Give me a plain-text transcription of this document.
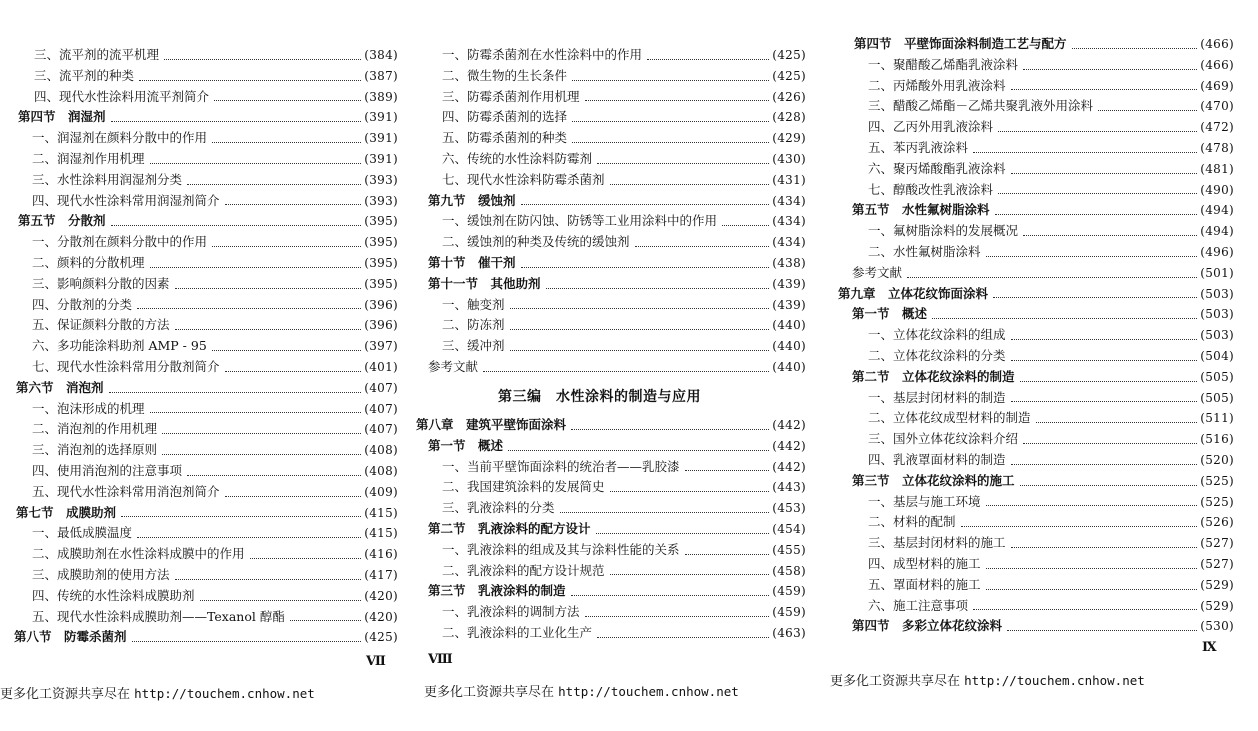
三、流平剂的流平机理	(384)
三、流平剂的种类	(387)
四、现代水性涂料用流平剂简介	(389)
第四节　润湿剂	(391)
一、润湿剂在颜料分散中的作用	(391)
二、润湿剂作用机理	(391)
三、水性涂料用润湿剂分类	(393)
四、现代水性涂料常用润湿剂简介	(393)
第五节　分散剂	(395)
一、分散剂在颜料分散中的作用	(395)
二、颜料的分散机理	(395)
三、影响颜料分散的因素	(395)
四、分散剂的分类	(396)
五、保证颜料分散的方法	(396)
六、多功能涂料助剂 AMP - 95	(397)
七、现代水性涂料常用分散剂简介	(401)
第六节　消泡剂	(407)
一、泡沫形成的机理	(407)
二、消泡剂的作用机理	(407)
三、消泡剂的选择原则	(408)
四、使用消泡剂的注意事项	(408)
五、现代水性涂料常用消泡剂简介	(409)
第七节　成膜助剂	(415)
一、最低成膜温度	(415)
二、成膜助剂在水性涂料成膜中的作用	(416)
三、成膜助剂的使用方法	(417)
四、传统的水性涂料成膜助剂	(420)
五、现代水性涂料成膜助剂——Texanol 醇酯	(420)
第八节　防霉杀菌剂	(425)
Ⅶ
更多化工资源共享尽在 http://touchem.cnhow.net
一、防霉杀菌剂在水性涂料中的作用	(425)
二、微生物的生长条件	(425)
三、防霉杀菌剂作用机理	(426)
四、防霉杀菌剂的选择	(428)
五、防霉杀菌剂的种类	(429)
六、传统的水性涂料防霉剂	(430)
七、现代水性涂料防霉杀菌剂	(431)
第九节　缓蚀剂	(434)
一、缓蚀剂在防闪蚀、防锈等工业用涂料中的作用	(434)
二、缓蚀剂的种类及传统的缓蚀剂	(434)
第十节　催干剂	(438)
第十一节　其他助剂	(439)
一、触变剂	(439)
二、防冻剂	(440)
三、缓冲剂	(440)
参考文献	(440)
第三编　水性涂料的制造与应用
第八章　建筑平壁饰面涂料	(442)
第一节　概述	(442)
一、当前平壁饰面涂料的统治者——乳胶漆	(442)
二、我国建筑涂料的发展简史	(443)
三、乳液涂料的分类	(453)
第二节　乳液涂料的配方设计	(454)
一、乳液涂料的组成及其与涂料性能的关系	(455)
二、乳液涂料的配方设计规范	(458)
第三节　乳液涂料的制造	(459)
一、乳液涂料的调制方法	(459)
二、乳液涂料的工业化生产	(463)
Ⅷ
更多化工资源共享尽在 http://touchem.cnhow.net
第四节　平壁饰面涂料制造工艺与配方	(466)
一、聚醋酸乙烯酯乳液涂料	(466)
二、丙烯酸外用乳液涂料	(469)
三、醋酸乙烯酯－乙烯共聚乳液外用涂料	(470)
四、乙丙外用乳液涂料	(472)
五、苯丙乳液涂料	(478)
六、聚丙烯酸酯乳液涂料	(481)
七、醇酸改性乳液涂料	(490)
第五节　水性氟树脂涂料	(494)
一、氟树脂涂料的发展概况	(494)
二、水性氟树脂涂料	(496)
参考文献	(501)
第九章　立体花纹饰面涂料	(503)
第一节　概述	(503)
一、立体花纹涂料的组成	(503)
二、立体花纹涂料的分类	(504)
第二节　立体花纹涂料的制造	(505)
一、基层封闭材料的制造	(505)
二、立体花纹成型材料的制造	(511)
三、国外立体花纹涂料介绍	(516)
四、乳液罩面材料的制造	(520)
第三节　立体花纹涂料的施工	(525)
一、基层与施工环境	(525)
二、材料的配制	(526)
三、基层封闭材料的施工	(527)
四、成型材料的施工	(527)
五、罩面材料的施工	(529)
六、施工注意事项	(529)
第四节　多彩立体花纹涂料	(530)
Ⅸ
更多化工资源共享尽在 http://touchem.cnhow.net
